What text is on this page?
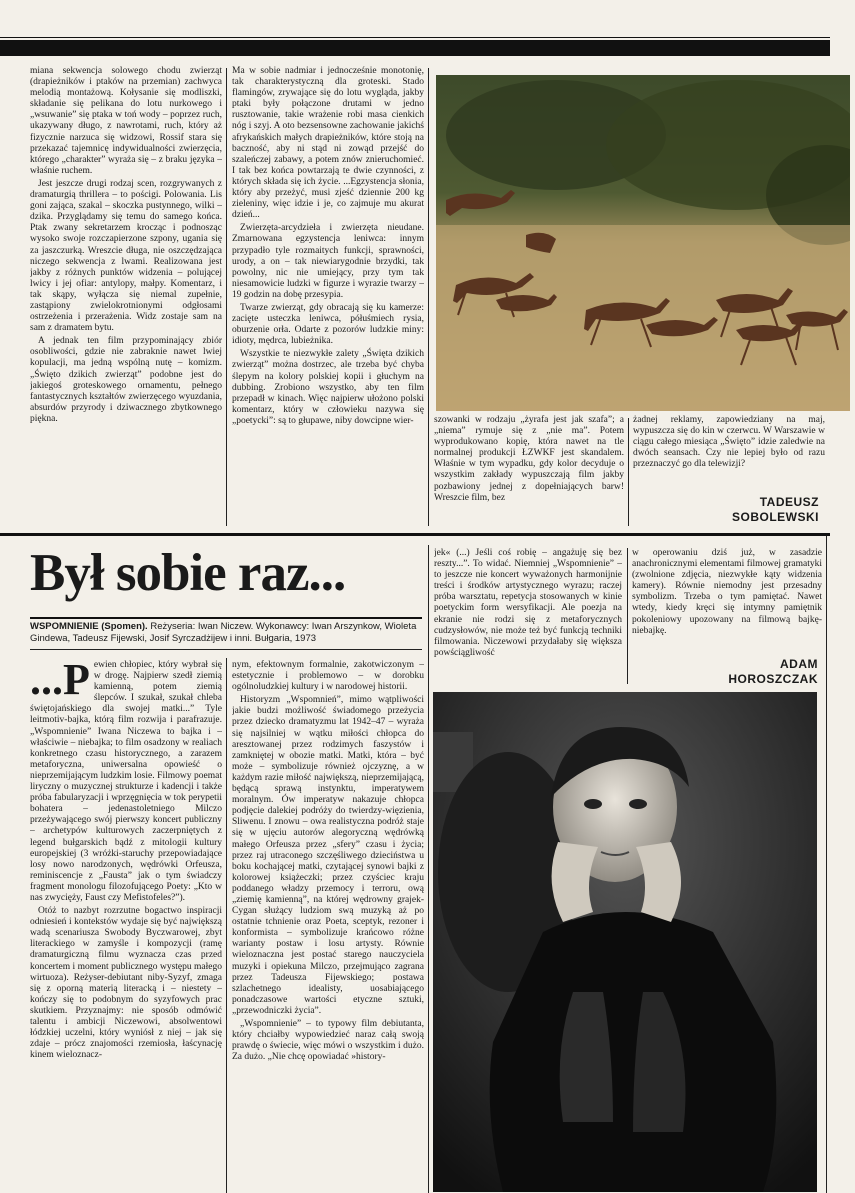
miana sekwencja solowego chodu zwierząt (drapieżników i ptaków na przemian) zachwyca melodią montażową. Kołysanie się modliszki, składanie się pelikana do lotu nurkowego i „wsuwanie” się ptaka w toń wody – poprzez ruch, ukazywany długo, z nawrotami, ruch, który aż fizycznie narzuca się widzowi, Rossif stara się przekazać tajemnicę indywidualności zwierzęcia, którego „charakter” wyraża się – z braku języka – właśnie ruchem.

Jest jeszcze drugi rodzaj scen, rozgrywanych z dramaturgią thrillera – to pościgi. Polowania. Lis goni zająca, szakal – skoczka pustynnego, wilki – dzika. Przyglądamy się temu do samego końca. Ptak zwany sekretarzem krocząc i podnosząc wysoko swoje rozczapierzone szpony, ugania się za jaszczurką. Wreszcie długa, nie oszczędzająca niczego sekwencja z lwami. Realizowana jest jakby z różnych punktów widzenia – polującej lwicy i jej ofiar: antylopy, małpy. Komentarz, i tak skąpy, wyłącza się niemal zupełnie, zastąpiony zwielokrotnionymi odgłosami ostrzeżenia i przerażenia. Widz zostaje sam na sam z dramatem bytu.

A jednak ten film przypominający zbiór osobliwości, gdzie nie zabraknie nawet lwiej kopulacji, ma jedną wspólną nutę – komizm. „Święto dzikich zwierząt” podobne jest do jakiegoś groteskowego ornamentu, pełnego fantastycznych kształtów zwierzęcego wyuzdania, absurdów przyrody i dziwacznego zbytkownego piękna.

Ma w sobie nadmiar i jednocześnie monotonię, tak charakterystyczną dla groteski. Stado flamingów, zrywające się do lotu wygląda, jakby ptaki były połączone drutami w jedno rusztowanie, takie wrażenie robi masa cienkich nóg i szyj. A oto bezsensowne zachowanie jakichś afrykańskich małych drapieżników, które stoją na baczność, aby ni stąd ni zowąd przejść do szaleńczej zabawy, a potem znów znieruchomieć. I tak bez końca powtarzają te dwie czynności, z których składa się ich życie. ...Egzystencja słonia, który aby przeżyć, musi zjeść dziennie 200 kg zieleniny, więc idzie i je, co zajmuje mu akurat dzień...

Zwierzęta-arcydzieła i zwierzęta nieudane. Zmarnowana egzystencja leniwca: innym przypadło tyle rozmaitych funkcji, sprawności, urody, a on – tak niewiarygodnie brzydki, tak powolny, nic nie umiejący, przy tym tak niesamowicie ludzki w figurze i wyrazie twarzy – 19 godzin na dobę przesypia.

Twarze zwierząt, gdy obracają się ku kamerze: zacięte usteczka leniwca, półuśmiech rysia, oburzenie orła. Odarte z pozorów ludzkie miny: idioty, mędrca, lubieżnika.

Wszystkie te niezwykłe zalety „Święta dzikich zwierząt” można dostrzec, ale trzeba być chyba ślepym na kolory polskiej kopii i głuchym na dubbing. Zrobiono wszystko, aby ten film przepadł w kinach. Więc najpierw ułożono polski komentarz, który w człowieku nazywa się „poetycki”: są to głupawe, niby dowcipne wier-	szowanki w rodzaju „żyrafa jest jak szafa”; a „niema” rymuje się z „nie ma”. Potem wyprodukowano kopię, która nawet na tle normalnej produkcji ŁZWKF jest skandalem. Właśnie w tym wypadku, gdy kolor decyduje o wszystkim zakłady wypuszczają film jakby pozbawiony jednej z dopełniających barw! Wreszcie film, bez

żadnej reklamy, zapowiedziany na maj, wypuszcza się do kin w czerwcu. W Warszawie w ciągu całego miesiąca „Święto” idzie zaledwie na dwóch seansach. Czy nie lepiej było od razu przeznaczyć go dla telewizji?

TADEUSZ
SOBOLEWSKI
Był sobie raz...
WSPOMNIENIE (Spomen). Reżyseria: Iwan Niczew. Wykonawcy: Iwan Arszynkow, Wioleta Gindewa, Tadeusz Fijewski, Josif Syrczadżijew i inni. Bułgaria, 1973

...P ewien chłopiec, który wybrał się w drogę. Najpierw szedł ziemią kamienną, potem ziemią ślepców. I szukał, szukał chleba świętojańskiego dla swojej matki...” Tyle leitmotiv-bajka, którą film rozwija i parafrazuje. „Wspomnienie” Iwana Niczewa to bajka i – właściwie – niebajka; to film osadzony w realiach konkretnego czasu historycznego, a zarazem metaforyczna, uniwersalna opowieść o nieprzemijającym ludzkim losie. Filmowy poemat liryczny o muzycznej strukturze i kadencji i także próba fabularyzacji i wprzęgnięcia w tok perypetii bohatera – jedenastoletniego Milczo przeżywającego swój pierwszy koncert publiczny – archetypów kulturowych zaczerpniętych z legend bułgarskich bądź z mitologii kultury europejskiej (3 wróżki-staruchy przepowiadające losy nowo narodzonych, wędrówki Orfeusza, reminiscencje z „Fausta” jak o tym świadczy fragment monologu filozofującego Poety: „Kto w nas zwycięży, Faust czy Mefistofeles?”).

Otóż to nazbyt rozrzutne bogactwo inspiracji odniesień i kontekstów wydaje się być największą wadą scenariusza Swobody Byczwarowej, zbyt literackiego w zamyśle i kompozycji (ramę dramaturgiczną filmu wyznacza czas przed koncertem i moment publicznego występu małego wirtuoza). Reżyser-debiutant niby-Syzyf, zmaga się z oporną materią literacką i – niestety – kończy się to podobnym do syzyfowych prac skutkiem. Przyznajmy: nie sposób odmówić talentu i ambicji Niczewowi, absolwentowi łódzkiej uczelni, który wyniósł z niej – jak się zdaje – prócz znajomości rzemiosła, łaścynację kinem wieloznacz-

nym, efektownym formalnie, zakotwiczonym – estetycznie i problemowo – w dorobku ogólnoludzkiej kultury i w narodowej historii.

Historyzm „Wspomnień”, mimo wątpliwości jakie budzi możliwość świadomego przeżycia przez dziecko dramatyzmu lat 1942–47 – wyraża się najsilniej w wątku miłości chłopca do aresztowanej przez rodzimych faszystów i zamkniętej w obozie matki. Matki, która – być może – symbolizuje również ojczyznę, a w każdym razie miłość największą, nieprzemijającą, będącą sprawą instynktu, imperatywem moralnym. Ów imperatyw nakazuje chłopca podjęcie dalekiej podróży do twierdzy-więzienia, Sliwenu. I znowu – owa realistyczna podróż staje się w ujęciu autorów alegoryczną wędrówką małego Orfeusza przez „sfery” czasu i życia; przez raj utraconego szczęśliwego dzieciństwa u boku kochającej matki, czytającej synowi bajki z kolorowej książeczki; przez czyściec kraju poddanego władzy przemocy i terroru, ową „ziemię kamienną”, na której wędrowny grajek-Cygan służący ludziom swą muzyką aż po ostatnie tchnienie oraz Poeta, sceptyk, rezoner i konformista – symbolizuje krańcowo różne warianty postaw i losu artysty. Równie wieloznaczna jest postać starego nauczyciela muzyki i opiekuna Milczo, przejmująco zagrana przez Tadeusza Fijewskiego; postawa szlachetnego idealisty, uosabiającego ponadczasowe wartości etyczne sztuki, „przewodniczki życia”.

„Wspomnienie” – to typowy film debiutanta, który chciałby wypowiedzieć naraz całą swoją prawdę o świecie, więc mówi o wszystkim i dużo. Za dużo. „Nie chcę opowiadać »history-

jek« (...) Jeśli coś robię – angażuję się bez reszty...”. To widać. Niemniej „Wspomnienie” – to jeszcze nie koncert wyważonych harmonijnie treści i środków artystycznego wyrazu; raczej próba warsztatu, repetycja stosowanych w kinie poetyckim form wersyfikacji. Ale poezja na ekranie nie rodzi się z metaforycznych cudzysłowów, nie może też być funkcją techniki filmowania. Niczewowi przydałaby się większa powściągliwość

w operowaniu dziś już, w zasadzie anachronicznymi elementami filmowej gramatyki (zwolnione zdjęcia, niezwykłe kąty widzenia kamery). Równie niemodny jest przesadny symbolizm. Trzeba o tym pamiętać. Nawet wtedy, kiedy kręci się intymny pamiętnik pokoleniowy upozowany na filmową bajkę-niebajkę.

ADAM
HOROSZCZAK
